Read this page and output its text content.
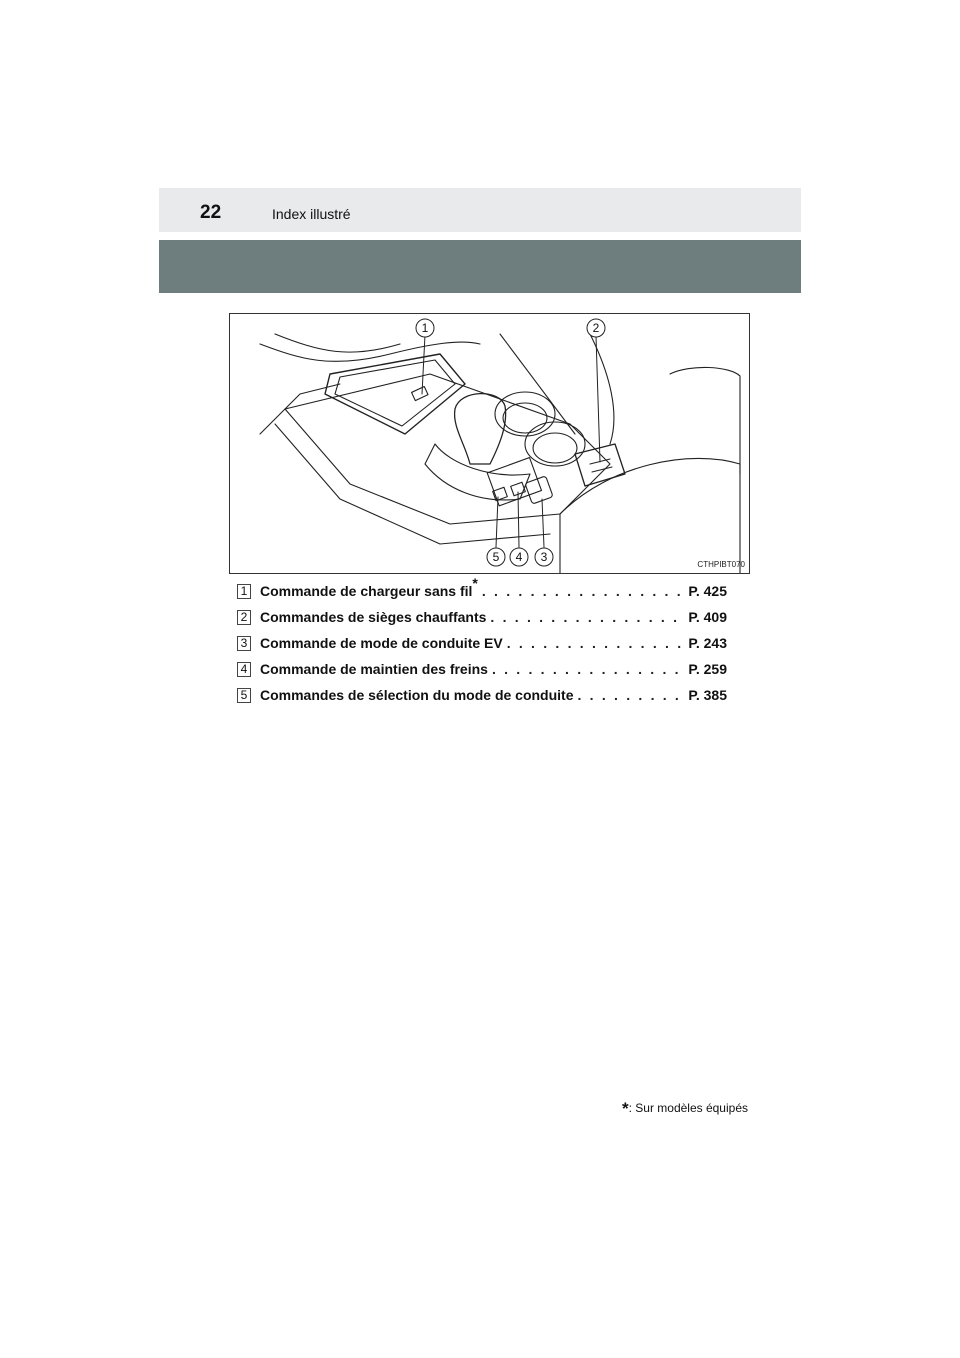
22	Index illustré
1	2
5 4 3
CTHPIBT070
1 Commande de chargeur sans fil* . . .	P. 425
2 Commandes de sièges chauffants . . .	P. 409
3 Commande de mode de conduite EV . . .	P. 243
4 Commande de maintien des freins . . .	P. 259
5 Commandes de sélection du mode de conduite . . .	P. 385
*: Sur modèles équipés
